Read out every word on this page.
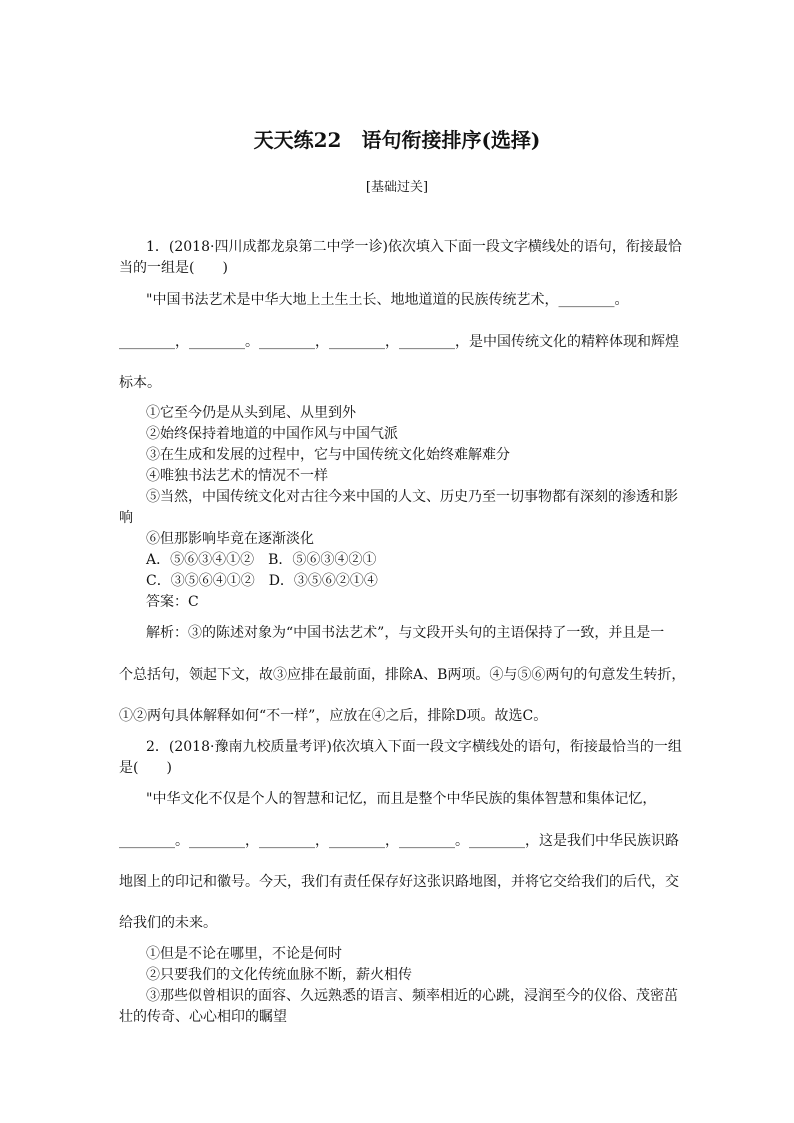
天天练22　语句衔接排序(选择)
[基础过关]
1．(2018·四川成都龙泉第二中学一诊)依次填入下面一段文字横线处的语句，衔接最恰
当的一组是(　　)
"中国书法艺术是中华大地上土生土长、地地道道的民族传统艺术，________。
________，________。________，________，________，是中国传统文化的精粹体现和辉煌
标本。
①它至今仍是从头到尾、从里到外
②始终保持着地道的中国作风与中国气派
③在生成和发展的过程中，它与中国传统文化始终难解难分
④唯独书法艺术的情况不一样
⑤当然，中国传统文化对古往今来中国的人文、历史乃至一切事物都有深刻的渗透和影
响
⑥但那影响毕竟在逐渐淡化
A．⑤⑥③④①②　B．⑤⑥③④②①
C．③⑤⑥④①②　D．③⑤⑥②①④
答案：C
解析：③的陈述对象为“中国书法艺术”，与文段开头句的主语保持了一致，并且是一
个总括句，领起下文，故③应排在最前面，排除A、B两项。④与⑤⑥两句的句意发生转折，
①②两句具体解释如何“不一样”，应放在④之后，排除D项。故选C。
2．(2018·豫南九校质量考评)依次填入下面一段文字横线处的语句，衔接最恰当的一组
是(　　)
"中华文化不仅是个人的智慧和记忆，而且是整个中华民族的集体智慧和集体记忆，
________。________，________，________，________。________，这是我们中华民族识路
地图上的印记和徽号。今天，我们有责任保存好这张识路地图，并将它交给我们的后代，交
给我们的未来。
①但是不论在哪里，不论是何时
②只要我们的文化传统血脉不断，薪火相传
③那些似曾相识的面容、久远熟悉的语言、频率相近的心跳，浸润至今的仪俗、茂密茁
壮的传奇、心心相印的瞩望
